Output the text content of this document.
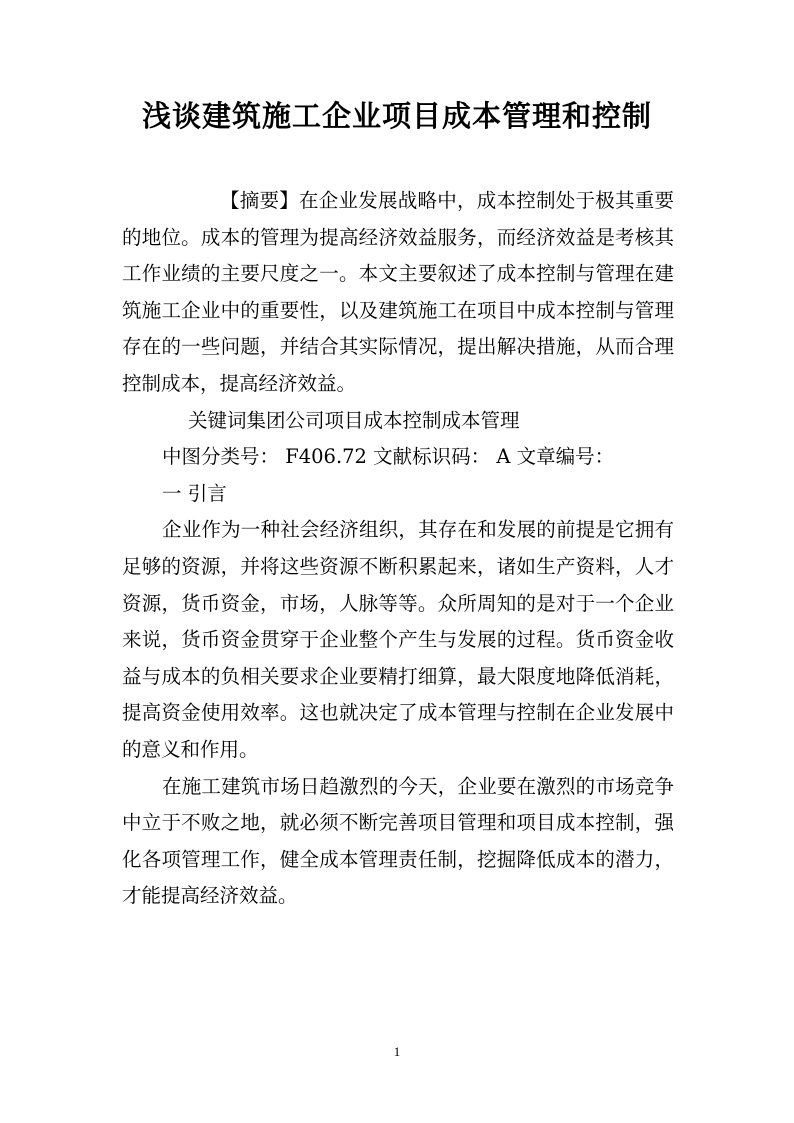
浅谈建筑施工企业项目成本管理和控制

【摘要】在企业发展战略中，成本控制处于极其重要的地位。成本的管理为提高经济效益服务，而经济效益是考核其工作业绩的主要尺度之一。本文主要叙述了成本控制与管理在建筑施工企业中的重要性，以及建筑施工在项目中成本控制与管理存在的一些问题，并结合其实际情况，提出解决措施，从而合理控制成本，提高经济效益。

关键词集团公司项目成本控制成本管理

中图分类号： F406.72 文献标识码： A 文章编号：

一 引言

企业作为一种社会经济组织，其存在和发展的前提是它拥有足够的资源，并将这些资源不断积累起来，诸如生产资料，人才资源，货币资金，市场，人脉等等。众所周知的是对于一个企业来说，货币资金贯穿于企业整个产生与发展的过程。货币资金收益与成本的负相关要求企业要精打细算，最大限度地降低消耗，提高资金使用效率。这也就决定了成本管理与控制在企业发展中的意义和作用。

在施工建筑市场日趋激烈的今天，企业要在激烈的市场竞争中立于不败之地，就必须不断完善项目管理和项目成本控制，强化各项管理工作，健全成本管理责任制，挖掘降低成本的潜力，才能提高经济效益。

1
